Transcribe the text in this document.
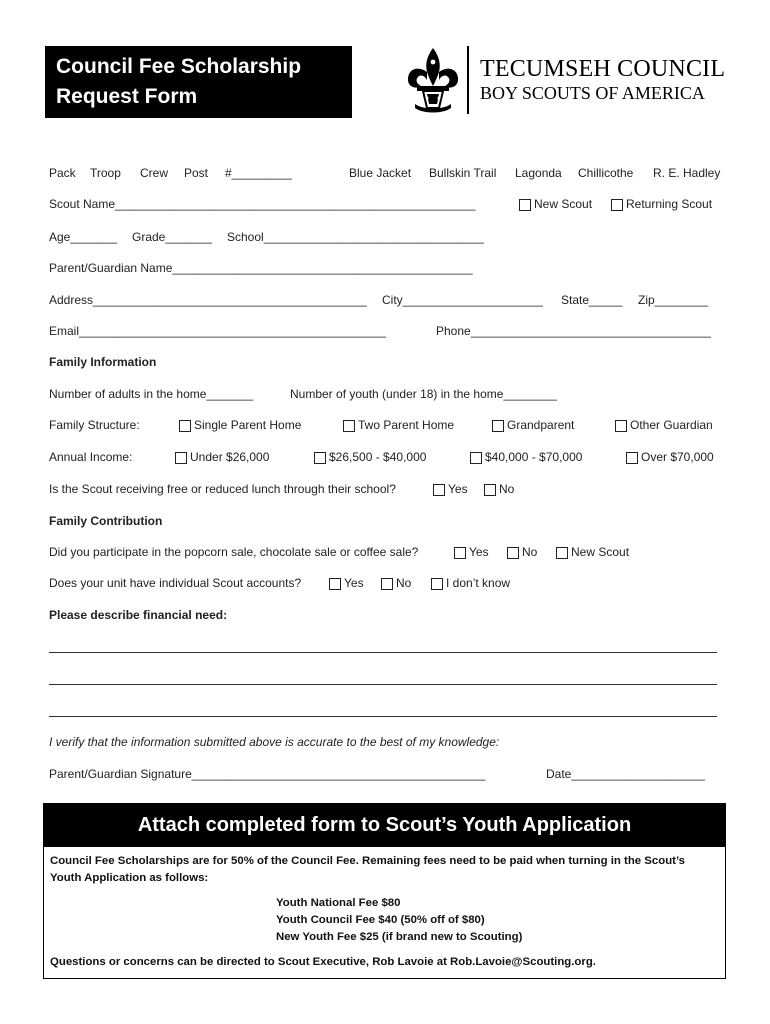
Council Fee Scholarship
Request Form
TECUMSEH COUNCIL
BOY SCOUTS OF AMERICA
Pack Troop Crew Post #_________	Blue Jacket Bullskin Trail Lagonda Chillicothe R. E. Hadley
Scout Name______________________________________________________	New Scout	Returning Scout
Age_______ Grade_______ School_________________________________
Parent/Guardian Name_____________________________________________
Address_________________________________________ City_____________________ State_____ Zip________
Email______________________________________________	Phone____________________________________
Family Information
Number of adults in the home_______	Number of youth (under 18) in the home________
Family Structure:	Single Parent Home	Two Parent Home	Grandparent	Other Guardian
Annual Income:	Under $26,000	$26,500 - $40,000	$40,000 - $70,000	Over $70,000
Is the Scout receiving free or reduced lunch through their school?	Yes	No
Family Contribution
Did you participate in the popcorn sale, chocolate sale or coffee sale?	Yes	No	New Scout
Does your unit have individual Scout accounts?	Yes	No	I don’t know
Please describe financial need:
I verify that the information submitted above is accurate to the best of my knowledge:
Parent/Guardian Signature____________________________________________	Date____________________
Attach completed form to Scout’s Youth Application
Council Fee Scholarships are for 50% of the Council Fee. Remaining fees need to be paid when turning in the Scout’s Youth Application as follows:
Youth National Fee $80
Youth Council Fee $40 (50% off of $80)
New Youth Fee $25 (if brand new to Scouting)
Questions or concerns can be directed to Scout Executive, Rob Lavoie at Rob.Lavoie@Scouting.org.
